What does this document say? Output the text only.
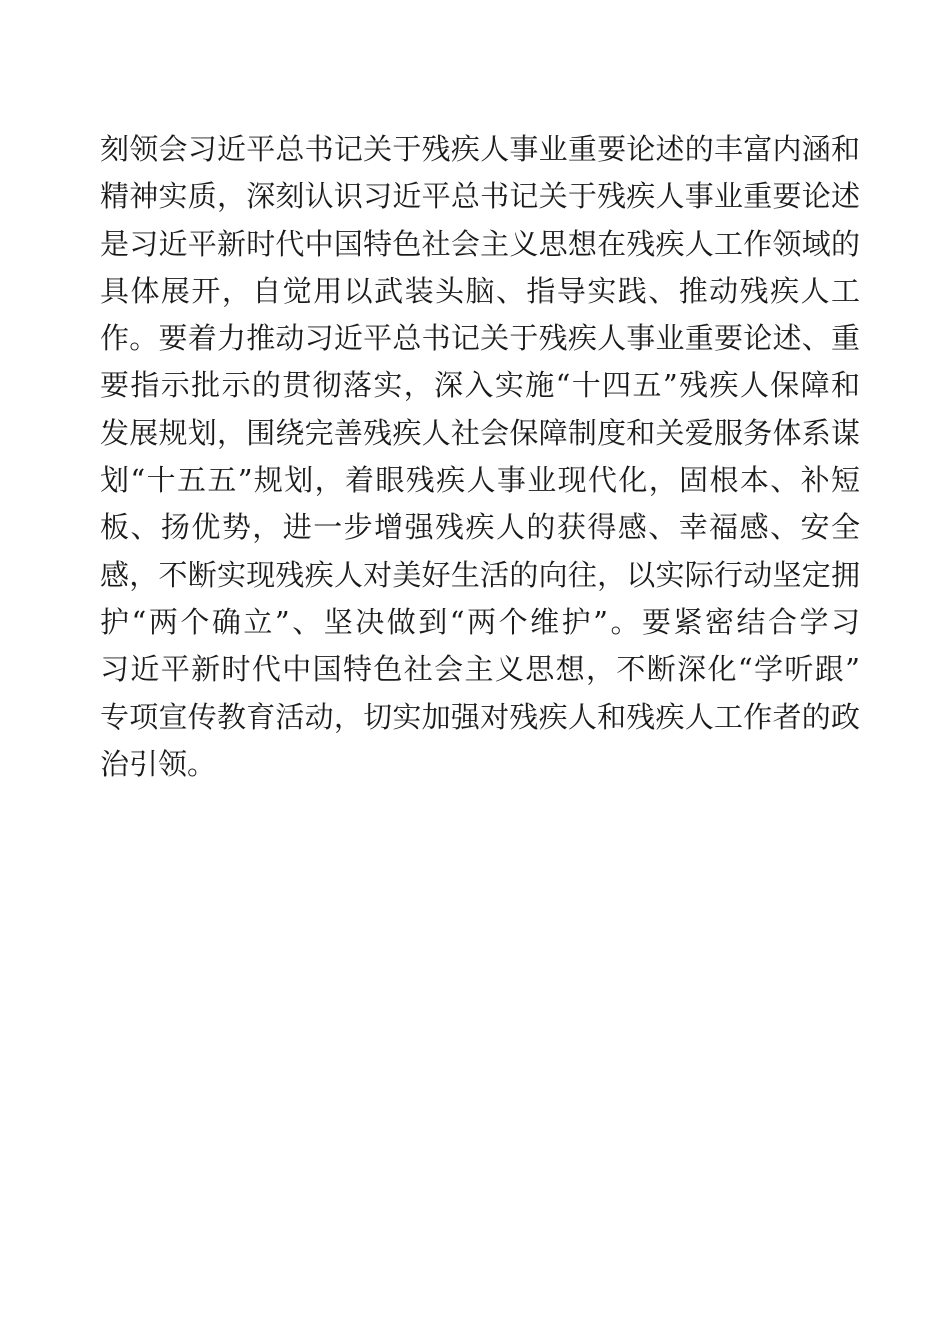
刻领会习近平总书记关于残疾人事业重要论述的丰富内涵和
精神实质，深刻认识习近平总书记关于残疾人事业重要论述
是习近平新时代中国特色社会主义思想在残疾人工作领域的
具体展开，自觉用以武装头脑、指导实践、推动残疾人工
作。要着力推动习近平总书记关于残疾人事业重要论述、重
要指示批示的贯彻落实，深入实施“十四五”残疾人保障和
发展规划，围绕完善残疾人社会保障制度和关爱服务体系谋
划“十五五”规划，着眼残疾人事业现代化，固根本、补短
板、扬优势，进一步增强残疾人的获得感、幸福感、安全
感，不断实现残疾人对美好生活的向往，以实际行动坚定拥
护“两个确立”、坚决做到“两个维护”。要紧密结合学习
习近平新时代中国特色社会主义思想，不断深化“学听跟”
专项宣传教育活动，切实加强对残疾人和残疾人工作者的政
治引领。
